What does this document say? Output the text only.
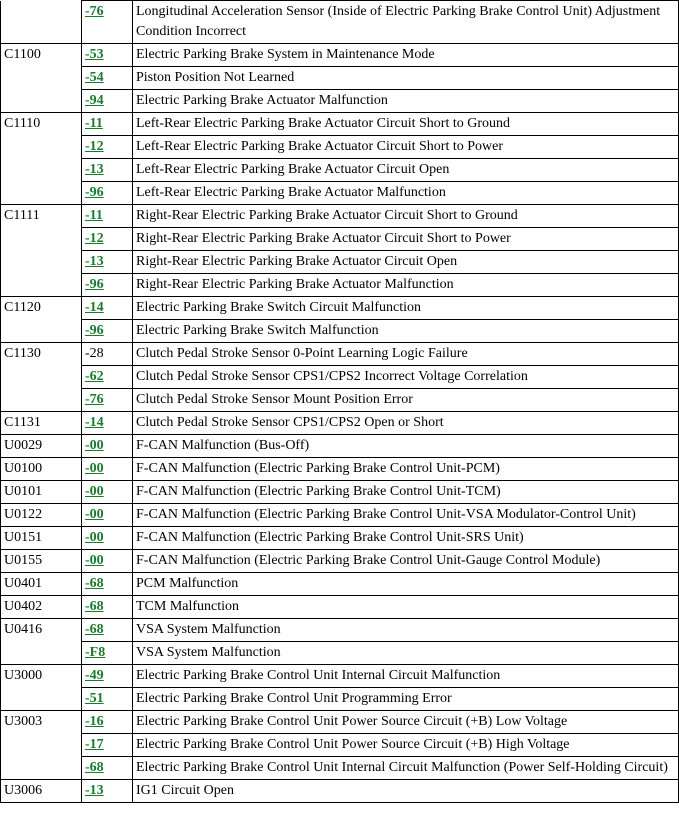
	-76	Longitudinal Acceleration Sensor (Inside of Electric Parking Brake Control Unit) Adjustment Condition Incorrect
C1100	-53	Electric Parking Brake System in Maintenance Mode
	-54	Piston Position Not Learned
	-94	Electric Parking Brake Actuator Malfunction
C1110	-11	Left-Rear Electric Parking Brake Actuator Circuit Short to Ground
	-12	Left-Rear Electric Parking Brake Actuator Circuit Short to Power
	-13	Left-Rear Electric Parking Brake Actuator Circuit Open
	-96	Left-Rear Electric Parking Brake Actuator Malfunction
C1111	-11	Right-Rear Electric Parking Brake Actuator Circuit Short to Ground
	-12	Right-Rear Electric Parking Brake Actuator Circuit Short to Power
	-13	Right-Rear Electric Parking Brake Actuator Circuit Open
	-96	Right-Rear Electric Parking Brake Actuator Malfunction
C1120	-14	Electric Parking Brake Switch Circuit Malfunction
	-96	Electric Parking Brake Switch Malfunction
C1130	-28	Clutch Pedal Stroke Sensor 0-Point Learning Logic Failure
	-62	Clutch Pedal Stroke Sensor CPS1/CPS2 Incorrect Voltage Correlation
	-76	Clutch Pedal Stroke Sensor Mount Position Error
C1131	-14	Clutch Pedal Stroke Sensor CPS1/CPS2 Open or Short
U0029	-00	F-CAN Malfunction (Bus-Off)
U0100	-00	F-CAN Malfunction (Electric Parking Brake Control Unit-PCM)
U0101	-00	F-CAN Malfunction (Electric Parking Brake Control Unit-TCM)
U0122	-00	F-CAN Malfunction (Electric Parking Brake Control Unit-VSA Modulator-Control Unit)
U0151	-00	F-CAN Malfunction (Electric Parking Brake Control Unit-SRS Unit)
U0155	-00	F-CAN Malfunction (Electric Parking Brake Control Unit-Gauge Control Module)
U0401	-68	PCM Malfunction
U0402	-68	TCM Malfunction
U0416	-68	VSA System Malfunction
	-F8	VSA System Malfunction
U3000	-49	Electric Parking Brake Control Unit Internal Circuit Malfunction
	-51	Electric Parking Brake Control Unit Programming Error
U3003	-16	Electric Parking Brake Control Unit Power Source Circuit (+B) Low Voltage
	-17	Electric Parking Brake Control Unit Power Source Circuit (+B) High Voltage
	-68	Electric Parking Brake Control Unit Internal Circuit Malfunction (Power Self-Holding Circuit)
U3006	-13	IG1 Circuit Open
